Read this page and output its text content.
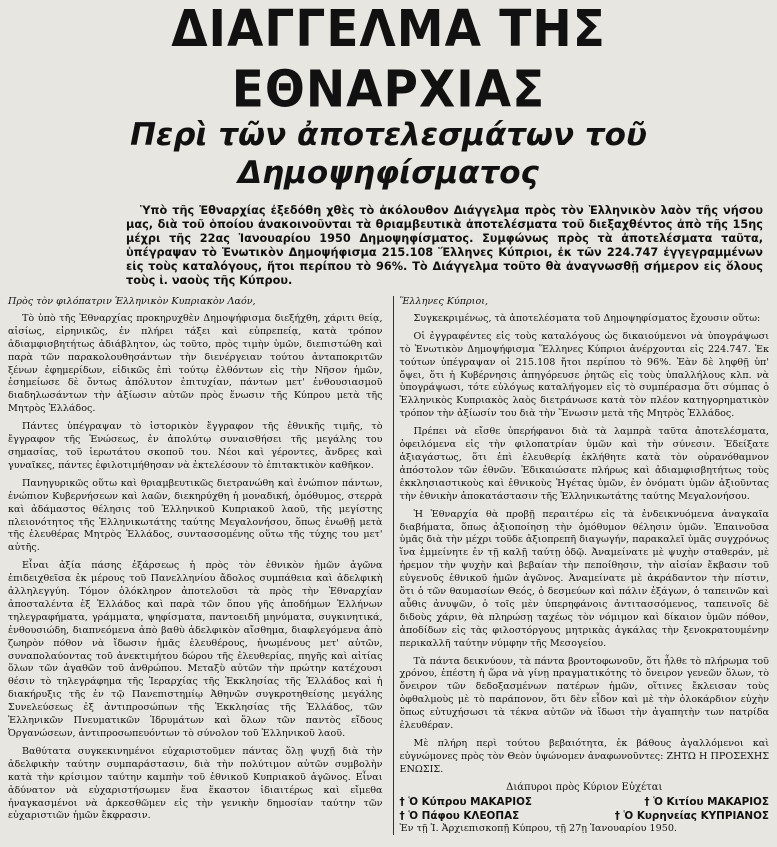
ΔΙΑΓΓΕΛΜΑ ΤΗΣ ΕΘΝΑΡΧΙΑΣ
Περὶ τῶν ἀποτελεσμάτων τοῦ Δημοψηφίσματος

Ὑπὸ τῆς Ἐθναρχίας ἐξεδόθη χθὲς τὸ ἀκόλουθον Διάγγελμα πρὸς τὸν Ἑλληνικὸν λαὸν τῆς νήσου μας, διὰ τοῦ ὁποίου ἀνακοινοῦνται τὰ θριαμβευτικὰ ἀποτελέσματα τοῦ διεξαχθέντος ἀπὸ τῆς 15ης μέχρι τῆς 22ας Ἰανουαρίου 1950 Δημοψηφίσματος. Συμφώνως πρὸς τὰ ἀποτελέσματα ταῦτα, ὑπέγραψαν τὸ Ἑνωτικὸν Δημοψήφισμα 215.108 Ἕλληνες Κύπριοι, ἐκ τῶν 224.747 ἐγγεγραμμένων εἰς τοὺς καταλόγους, ἤτοι περίπου τὸ 96%. Τὸ Διάγγελμα τοῦτο θὰ ἀναγνωσθῇ σήμερον εἰς ὅλους τοὺς ἱ. ναοὺς τῆς Κύπρου.

Πρὸς τὸν φιλόπατριν Ἑλληνικὸν Κυπριακὸν Λαόν,

Τὸ ὑπὸ τῆς Ἐθναρχίας προκηρυχθὲν Δημοψήφισμα διεξήχθη, χάριτι θείᾳ, αἰσίως, εἰρηνικῶς, ἐν πλήρει τάξει καὶ εὐπρεπείᾳ, κατὰ τρόπον ἀδιαμφισβητήτως ἀδιάβλητον, ὡς τοῦτο, πρὸς τιμὴν ὑμῶν, διεπιστώθη καὶ παρὰ τῶν παρακολουθησάντων τὴν διενέργειαν τούτου ἀνταποκριτῶν ξένων ἐφημερίδων, εἰδικῶς ἐπὶ τούτῳ ἐλθόντων εἰς τὴν Νῆσον ἡμῶν, ἐσημείωσε δὲ ὄντως ἀπόλυτον ἐπιτυχίαν, πάντων μετ' ἐνθουσιασμοῦ διαδηλωσάντων τὴν ἀξίωσιν αὐτῶν πρὸς ἕνωσιν τῆς Κύπρου μετὰ τῆς Μητρὸς Ἑλλάδος.

Πάντες ὑπέγραψαν τὸ ἱστορικὸν ἔγγραφον τῆς ἐθνικῆς τιμῆς, τὸ ἔγγραφον τῆς Ἑνώσεως, ἐν ἀπολύτῳ συναισθήσει τῆς μεγάλης του σημασίας, τοῦ ἱερωτάτου σκοποῦ του. Νέοι καὶ γέροντες, ἄνδρες καὶ γυναῖκες, πάντες ἐφιλοτιμήθησαν νὰ ἐκτελέσουν τὸ ἐπιτακτικὸν καθῆκον.

Πανηγυρικῶς οὕτω καὶ θριαμβευτικῶς διετρανώθη καὶ ἐνώπιον πάντων, ἐνώπιον Κυβερνήσεων καὶ λαῶν, διεκηρύχθη ἡ μοναδική, ὁμόθυμος, στερρὰ καὶ ἀδάμαστος θέλησις τοῦ Ἑλληνικοῦ Κυπριακοῦ λαοῦ, τῆς μεγίστης πλειονότητος τῆς Ἑλληνικωτάτης ταύτης Μεγαλονήσου, ὅπως ἑνωθῇ μετὰ τῆς ἐλευθέρας Μητρὸς Ἑλλάδος, συντασσομένης οὕτω τῆς τύχης του μετ' αὐτῆς.

Εἶναι ἀξία πάσης ἐξάρσεως ἡ πρὸς τὸν ἐθνικὸν ἡμῶν ἀγῶνα ἐπιδειχθεῖσα ἐκ μέρους τοῦ Πανελληνίου ἄδολος συμπάθεια καὶ ἀδελφικὴ ἀλληλεγγύη. Τόμον ὁλόκληρον ἀποτελοῦσι τὰ πρὸς τὴν Ἐθναρχίαν ἀποσταλέντα ἐξ Ἑλλάδος καὶ παρὰ τῶν ὅπου γῆς ἀποδήμων Ἑλλήνων τηλεγραφήματα, γράμματα, ψηφίσματα, παντοειδῆ μηνύματα, συγκινητικά, ἐνθουσιώδη, διαπνεόμενα ἀπὸ βαθὺ ἀδελφικὸν αἴσθημα, διαφλεγόμενα ἀπὸ ζωηρὸν πόθον νὰ ἴδωσιν ἡμᾶς ἐλευθέρους, ἡνωμένους μετ' αὐτῶν, συναπολαύοντας τοῦ ἀνεκτιμήτου δώρου τῆς ἐλευθερίας, πηγῆς καὶ αἰτίας ὅλων τῶν ἀγαθῶν τοῦ ἀνθρώπου. Μεταξὺ αὐτῶν τὴν πρώτην κατέχουσι θέσιν τὸ τηλεγράφημα τῆς Ἱεραρχίας τῆς Ἐκκλησίας τῆς Ἑλλάδος καὶ ἡ διακήρυξις τῆς ἐν τῷ Πανεπιστημίῳ Ἀθηνῶν συγκροτηθείσης μεγάλης Συνελεύσεως ἐξ ἀντιπροσώπων τῆς Ἐκκλησίας τῆς Ἑλλάδος, τῶν Ἑλληνικῶν Πνευματικῶν Ἱδρυμάτων καὶ ὅλων τῶν παντὸς εἴδους Ὀργανώσεων, ἀντιπροσωπευόντων τὸ σύνολον τοῦ Ἑλληνικοῦ λαοῦ.

Βαθύτατα συγκεκινημένοι εὐχαριστοῦμεν πάντας ὅλῃ ψυχῇ διὰ τὴν ἀδελφικὴν ταύτην συμπαράστασιν, διὰ τὴν πολύτιμον αὐτῶν συμβολὴν κατὰ τὴν κρίσιμον ταύτην καμπὴν τοῦ ἐθνικοῦ Κυπριακοῦ ἀγῶνος. Εἶναι ἀδύνατον νὰ εὐχαριστήσωμεν ἕνα ἕκαστον ἰδιαιτέρως καὶ εἴμεθα ἠναγκασμένοι νὰ ἀρκεσθῶμεν εἰς τὴν γενικὴν δημοσίαν ταύτην τῶν εὐχαριστιῶν ἡμῶν ἔκφρασιν.

Ἕλληνες Κύπριοι,

Συγκεκριμένως, τὰ ἀποτελέσματα τοῦ Δημοψηφίσματος ἔχουσιν οὕτω:

Οἱ ἐγγραφέντες εἰς τοὺς καταλόγους ὡς δικαιούμενοι νὰ ὑπογράψωσι τὸ Ἑνωτικὸν Δημοψήφισμα Ἕλληνες Κύπριοι ἀνέρχονται εἰς 224.747. Ἐκ τούτων ὑπέγραψαν οἱ 215.108 ἤτοι περίπου τὸ 96%. Ἐὰν δὲ ληφθῇ ὑπ' ὄψει, ὅτι ἡ Κυβέρνησις ἀπηγόρευσε ῥητῶς εἰς τοὺς ὑπαλλήλους κλπ. νὰ ὑπογράψωσι, τότε εὐλόγως καταλήγομεν εἰς τὸ συμπέρασμα ὅτι σύμπας ὁ Ἑλληνικὸς Κυπριακὸς λαὸς διετράνωσε κατὰ τὸν πλέον κατηγορηματικὸν τρόπον τὴν ἀξίωσίν του διὰ τὴν Ἕνωσιν μετὰ τῆς Μητρὸς Ἑλλάδος.

Πρέπει νὰ εἴσθε ὑπερήφανοι διὰ τὰ λαμπρὰ ταῦτα ἀποτελέσματα, ὀφειλόμενα εἰς τὴν φιλοπατρίαν ὑμῶν καὶ τὴν σύνεσιν. Ἐδείξατε ἀξιαγάστως, ὅτι ἐπὶ ἐλευθερίᾳ ἐκλήθητε κατὰ τὸν οὐρανόθαμνον ἀπόστολον τῶν ἐθνῶν. Ἐδικαιώσατε πλήρως καὶ ἀδιαμφισβητήτως τοὺς ἐκκλησιαστικοὺς καὶ ἐθνικοὺς Ἡγέτας ὑμῶν, ἐν ὀνόματι ὑμῶν ἀξιοῦντας τὴν ἐθνικὴν ἀποκατάστασιν τῆς Ἑλληνικωτάτης ταύτης Μεγαλονήσου.

Ἡ Ἐθναρχία θὰ προβῇ περαιτέρω εἰς τὰ ἐνδεικνυόμενα ἀναγκαῖα διαβήματα, ὅπως ἀξιοποίησῃ τὴν ὁμόθυμον θέλησιν ὑμῶν. Ἐπαινοῦσα ὑμᾶς διὰ τὴν μέχρι τοῦδε ἀξιοπρεπῆ διαγωγήν, παρακαλεῖ ὑμᾶς συγχρόνως ἵνα ἐμμείνητε ἐν τῇ καλῇ ταύτῃ ὁδῷ. Ἀναμείνατε μὲ ψυχὴν σταθεράν, μὲ ἠρεμον τὴν ψυχὴν καὶ βεβαίαν τὴν πεποίθησιν, τὴν αἰσίαν ἔκβασιν τοῦ εὐγενοῦς ἐθνικοῦ ἡμῶν ἀγῶνος. Ἀναμείνατε μὲ ἀκράδαντον τὴν πίστιν, ὅτι ὁ τῶν θαυμασίων Θεός, ὁ δεσμεύων καὶ πάλιν ἐξάγων, ὁ ταπεινῶν καὶ αὖθις ἀνυψῶν, ὁ τοῖς μὲν ὑπερηφάνοις ἀντιτασσόμενος, ταπεινοῖς δὲ διδοὺς χάριν, θὰ πληρώσῃ ταχέως τὸν νόμιμον καὶ δίκαιον ὑμῶν πόθον, ἀποδίδων εἰς τὰς φιλοστόργους μητρικὰς ἀγκάλας τὴν ξενοκρατουμένην περικαλλῆ ταύτην νύμφην τῆς Μεσογείου.

Τὰ πάντα δεικνύουν, τὰ πάντα βροντοφωνοῦν, ὅτι ἦλθε τὸ πλήρωμα τοῦ χρόνου, ἐπέστη ἡ ὥρα νὰ γίνῃ πραγματικότης τὸ ὄνειρον γενεῶν ὅλων, τὸ ὄνειρον τῶν δεδοξασμένων πατέρων ἡμῶν, οἵτινες ἔκλεισαν τοὺς ὀφθαλμοὺς μὲ τὸ παράπονον, ὅτι δὲν εἶδον καὶ μὲ τὴν ὁλοκάρδιον εὐχὴν ὅπως εὐτυχήσωσι τὰ τέκνα αὐτῶν νὰ ἴδωσι τὴν ἀγαπητὴν των πατρίδα ἐλευθέραν.

Μὲ πλήρη περὶ τούτου βεβαιότητα, ἐκ βάθους ἀγαλλόμενοι καὶ εὐγνώμονες πρὸς τὸν Θεὸν ὑψώνομεν ἀναφωνοῦντες: ΖΗΤΩ Η ΠΡΟΣΕΧΗΣ ΕΝΩΣΙΣ.

Διάπυροι πρὸς Κύριον Εὐχέται
† Ὁ Κύπρου ΜΑΚΑΡΙΟΣ	† Ὁ Κιτίου ΜΑΚΑΡΙΟΣ
† Ὁ Πάφου ΚΛΕΟΠΑΣ	† Ὁ Κυρηνείας ΚΥΠΡΙΑΝΟΣ
Ἐν τῇ Ἱ. Ἀρχιεπισκοπῇ Κύπρου, τῇ 27ῃ Ἰανουαρίου 1950.
